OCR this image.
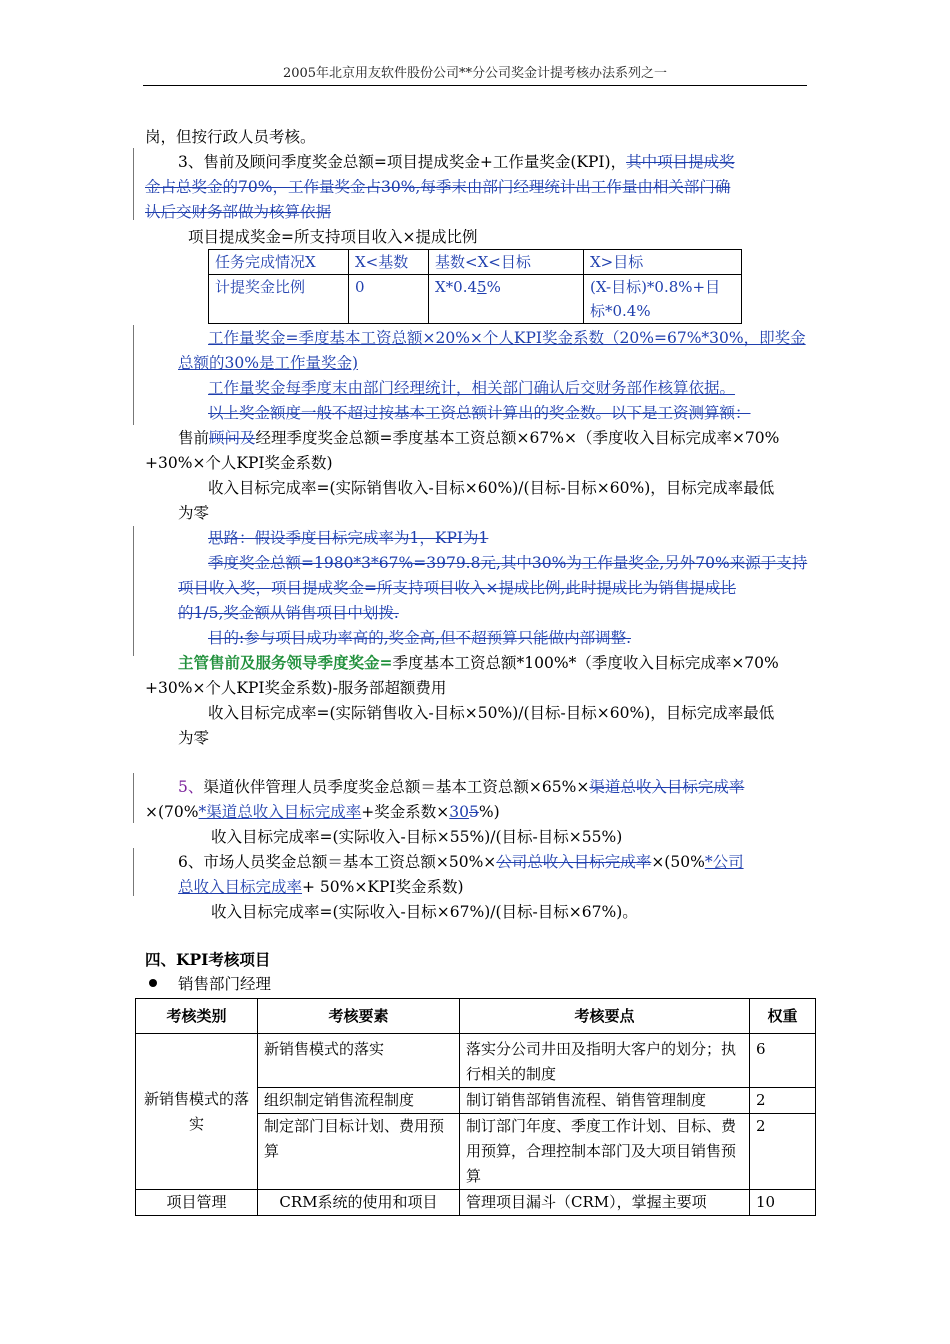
2005年北京用友软件股份公司**分公司奖金计提考核办法系列之一
岗，但按行政人员考核。
3、售前及顾问季度奖金总额=项目提成奖金+工作量奖金(KPI)，其中项目提成奖
金占总奖金的70%，工作量奖金占30%,每季末由部门经理统计出工作量由相关部门确
认后交财务部做为核算依据
项目提成奖金=所支持项目收入×提成比例
任务完成情况X	X<基数	基数<X<目标	X>目标
计提奖金比例	0	X*0.45%	(X-目标)*0.8%+目
标*0.4%
工作量奖金=季度基本工资总额×20%×个人KPI奖金系数（20%=67%*30%，即奖金
总额的30%是工作量奖金)
工作量奖金每季度末由部门经理统计，相关部门确认后交财务部作核算依据。
以上奖金额度一般不超过按基本工资总额计算出的奖金数。以下是工资测算额：
售前顾问及经理季度奖金总额=季度基本工资总额×67%×（季度收入目标完成率×70%
+30%×个人KPI奖金系数)
收入目标完成率=(实际销售收入-目标×60%)/(目标-目标×60%)，目标完成率最低
为零
思路：假设季度目标完成率为1，KPI为1
季度奖金总额=1980*3*67%=3979.8元,其中30%为工作量奖金,另外70%来源于支持
项目收入奖，项目提成奖金=所支持项目收入×提成比例,此时提成比为销售提成比
的1/5,奖金额从销售项目中划拨.
目的:参与项目成功率高的,奖金高,但不超预算只能做内部调整.
主管售前及服务领导季度奖金=季度基本工资总额*100%*（季度收入目标完成率×70%
+30%×个人KPI奖金系数)-服务部超额费用
收入目标完成率=(实际销售收入-目标×50%)/(目标-目标×60%)，目标完成率最低
为零
5、渠道伙伴管理人员季度奖金总额＝基本工资总额×65%×渠道总收入目标完成率
×(70%*渠道总收入目标完成率+奖金系数×305%)
收入目标完成率=(实际收入-目标×55%)/(目标-目标×55%)
6、市场人员奖金总额＝基本工资总额×50%×公司总收入目标完成率×(50%*公司
总收入目标完成率+ 50%×KPI奖金系数)
收入目标完成率=(实际收入-目标×67%)/(目标-目标×67%)。
四、KPI考核项目
销售部门经理
考核类别	考核要素	考核要点	权重
新销售模式的落实	新销售模式的落实	落实分公司井田及指明大客户的划分；执行相关的制度	6
	组织制定销售流程制度	制订销售部销售流程、销售管理制度	2
	制定部门目标计划、费用预算	制订部门年度、季度工作计划、目标、费用预算，合理控制本部门及大项目销售预算	2
项目管理	CRM系统的使用和项目	管理项目漏斗（CRM），掌握主要项	10
